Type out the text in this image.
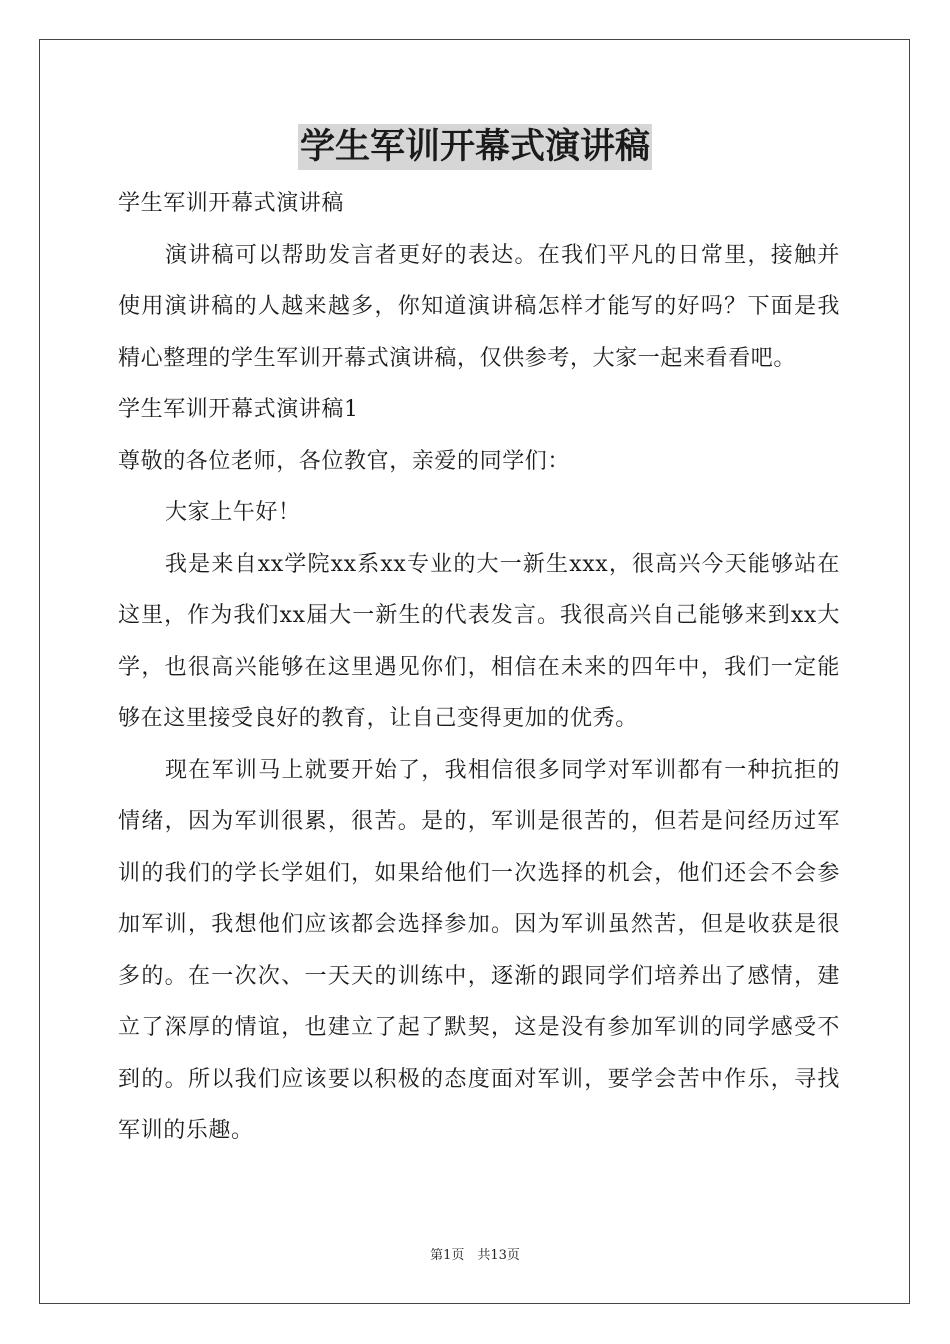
学生军训开幕式演讲稿

学生军训开幕式演讲稿

演讲稿可以帮助发言者更好的表达。在我们平凡的日常里，接触并使用演讲稿的人越来越多，你知道演讲稿怎样才能写的好吗？下面是我精心整理的学生军训开幕式演讲稿，仅供参考，大家一起来看看吧。

学生军训开幕式演讲稿1

尊敬的各位老师，各位教官，亲爱的同学们：

大家上午好！

我是来自xx学院xx系xx专业的大一新生xxx，很高兴今天能够站在这里，作为我们xx届大一新生的代表发言。我很高兴自己能够来到xx大学，也很高兴能够在这里遇见你们，相信在未来的四年中，我们一定能够在这里接受良好的教育，让自己变得更加的优秀。

现在军训马上就要开始了，我相信很多同学对军训都有一种抗拒的情绪，因为军训很累，很苦。是的，军训是很苦的，但若是问经历过军训的我们的学长学姐们，如果给他们一次选择的机会，他们还会不会参加军训，我想他们应该都会选择参加。因为军训虽然苦，但是收获是很多的。在一次次、一天天的训练中，逐渐的跟同学们培养出了感情，建立了深厚的情谊，也建立了起了默契，这是没有参加军训的同学感受不到的。所以我们应该要以积极的态度面对军训，要学会苦中作乐，寻找军训的乐趣。

第1页　共13页
